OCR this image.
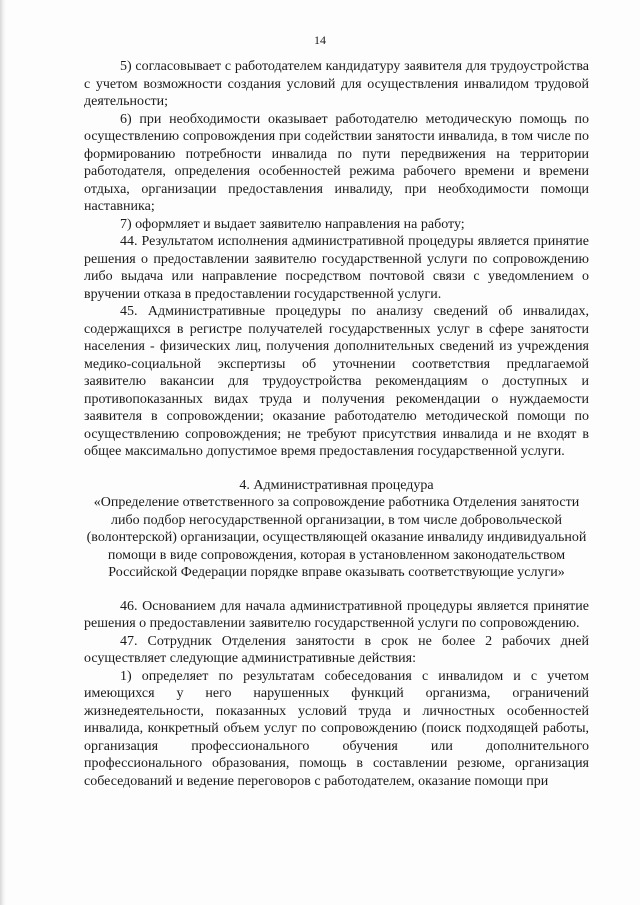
14

5) согласовывает с работодателем кандидатуру заявителя для трудоустройства с учетом возможности создания условий для осуществления инвалидом трудовой деятельности;

6) при необходимости оказывает работодателю методическую помощь по осуществлению сопровождения при содействии занятости инвалида, в том числе по формированию потребности инвалида по пути передвижения на территории работодателя, определения особенностей режима рабочего времени и времени отдыха, организации предоставления инвалиду, при необходимости помощи наставника;

7) оформляет и выдает заявителю направления на работу;

44. Результатом исполнения административной процедуры является принятие решения о предоставлении заявителю государственной услуги по сопровождению либо выдача или направление посредством почтовой связи с уведомлением о вручении отказа в предоставлении государственной услуги.

45. Административные процедуры по анализу сведений об инвалидах, содержащихся в регистре получателей государственных услуг в сфере занятости населения - физических лиц, получения дополнительных сведений из учреждения медико-социальной экспертизы об уточнении соответствия предлагаемой заявителю вакансии для трудоустройства рекомендациям о доступных и противопоказанных видах труда и получения рекомендации о нуждаемости заявителя в сопровождении; оказание работодателю методической помощи по осуществлению сопровождения; не требуют присутствия инвалида и не входят в общее максимально допустимое время предоставления государственной услуги.

4. Административная процедура

«Определение ответственного за сопровождение работника Отделения занятости либо подбор негосударственной организации, в том числе добровольческой (волонтерской) организации, осуществляющей оказание инвалиду индивидуальной помощи в виде сопровождения, которая в установленном законодательством Российской Федерации порядке вправе оказывать соответствующие услуги»

46. Основанием для начала административной процедуры является принятие решения о предоставлении заявителю государственной услуги по сопровождению.

47. Сотрудник Отделения занятости в срок не более 2 рабочих дней осуществляет следующие административные действия:

1) определяет по результатам собеседования с инвалидом и с учетом имеющихся у него нарушенных функций организма, ограничений жизнедеятельности, показанных условий труда и личностных особенностей инвалида, конкретный объем услуг по сопровождению (поиск подходящей работы, организация профессионального обучения или дополнительного профессионального образования, помощь в составлении резюме, организация собеседований и ведение переговоров с работодателем, оказание помощи при
